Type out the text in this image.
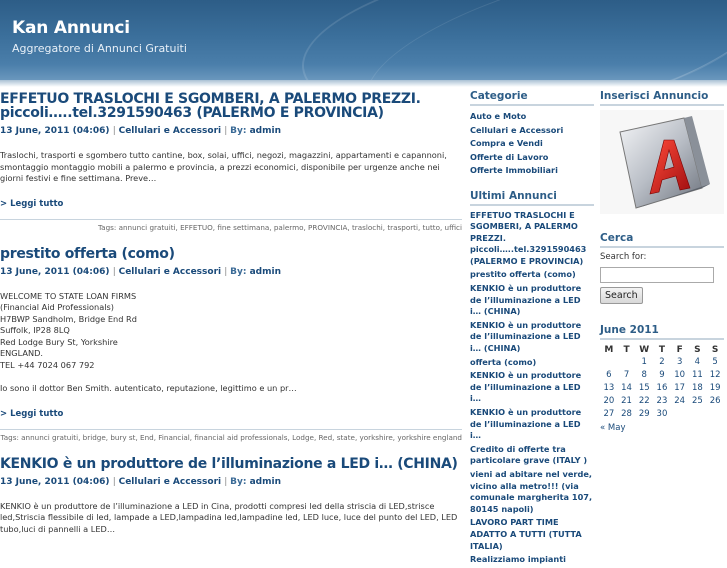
Kan Annunci
Aggregatore di Annunci Gratuiti
EFFETUO TRASLOCHI E SGOMBERI, A PALERMO PREZZI. piccoli…..tel.3291590463 (PALERMO E PROVINCIA)
13 June, 2011 (04:06) | Cellulari e Accessori | By: admin
Traslochi, trasporti e sgombero tutto cantine, box, solai, uffici, negozi, magazzini, appartamenti e capannoni, smontaggio montaggio mobili a palermo e provincia, a prezzi economici, disponibile per urgenze anche nei giorni festivi e fine settimana. Preve…
> Leggi tutto
Tags: annunci gratuiti, EFFETUO, fine settimana, palermo, PROVINCIA, traslochi, trasporti, tutto, uffici
prestito offerta (como)
13 June, 2011 (04:06) | Cellulari e Accessori | By: admin
WELCOME TO STATE LOAN FIRMS
(Financial Aid Professionals)
H7BWP Sandholm, Bridge End Rd
Suffolk, IP28 8LQ
Red Lodge Bury St, Yorkshire
ENGLAND.
TEL +44 7024 067 792
Io sono il dottor Ben Smith. autenticato, reputazione, legittimo e un pr…
> Leggi tutto
Tags: annunci gratuiti, bridge, bury st, End, Financial, financial aid professionals, Lodge, Red, state, yorkshire, yorkshire england
KENKIO è un produttore de l’illuminazione a LED i… (CHINA)
13 June, 2011 (04:06) | Cellulari e Accessori | By: admin
KENKIO è un produttore de l’illuminazione a LED in Cina, prodotti compresi led della striscia di LED,strisce led,Striscia flessibile di led, lampade a LED,lampadina led,lampadine led, LED luce, luce del punto del LED, LED tubo,luci di pannelli a LED…
Categorie
Auto e Moto
Cellulari e Accessori
Compra e Vendi
Offerte di Lavoro
Offerte Immobiliari
Ultimi Annunci
EFFETUO TRASLOCHI E SGOMBERI, A PALERMO PREZZI. piccoli…..tel.3291590463 (PALERMO E PROVINCIA)
prestito offerta (como)
KENKIO è un produttore de l’illuminazione a LED i… (CHINA)
KENKIO è un produttore de l’illuminazione a LED i… (CHINA)
offerta (como)
KENKIO è un produttore de l’illuminazione a LED i…
KENKIO è un produttore de l’illuminazione a LED i…
Credito di offerte tra particolare grave (ITALY )
vieni ad abitare nel verde, vicino alla metro!!! (via comunale margherita 107, 80145 napoli)
LAVORO PART TIME ADATTO A TUTTI (TUTTA ITALIA)
Realizziamo impianti
Inserisci Annuncio
Cerca
Search for:
Search
June 2011
M	T	W	T	F	S	S
		1	2	3	4	5
6	7	8	9	10	11	12
13	14	15	16	17	18	19
20	21	22	23	24	25	26
27	28	29	30			
« May
